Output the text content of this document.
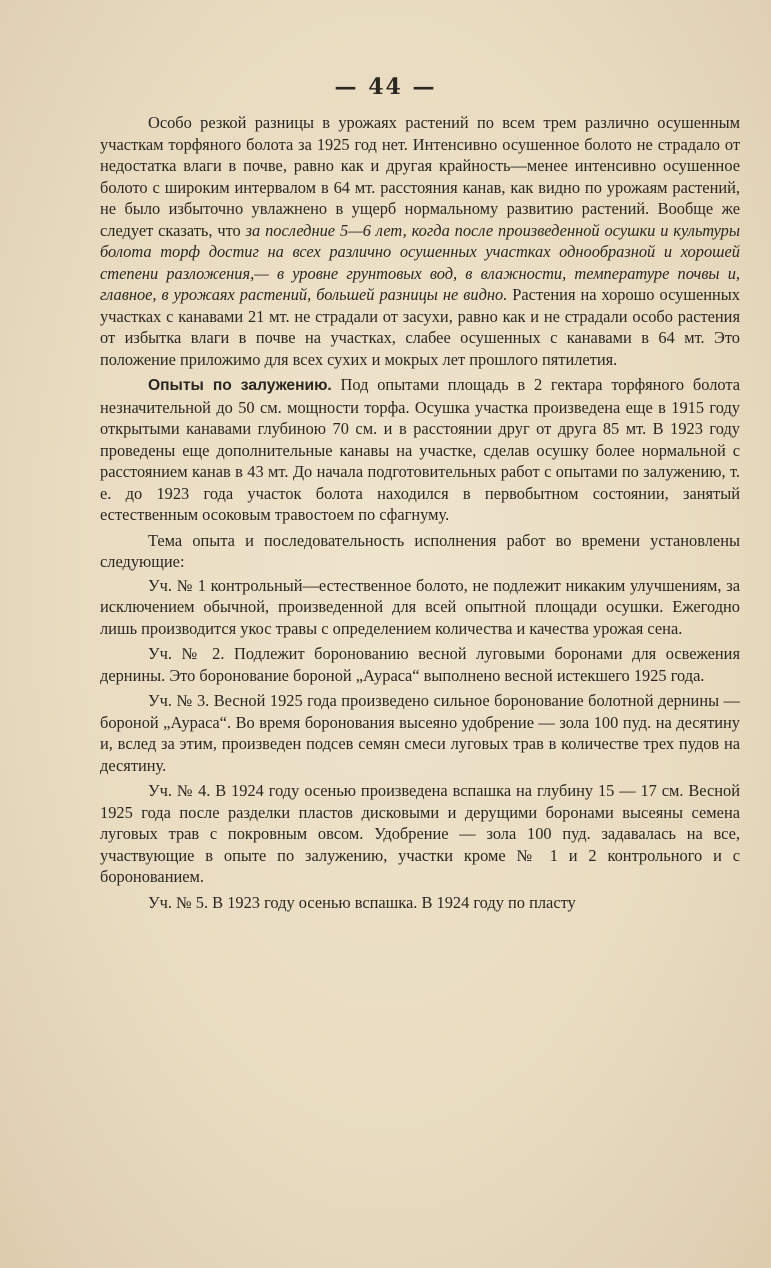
— 44 —

Особо резкой разницы в урожаях растений по всем трем различно осушенным участкам торфяного болота за 1925 год нет. Интенсивно осушенное болото не страдало от недостатка влаги в почве, равно как и другая крайность—менее интенсивно осушенное болото с широким интервалом в 64 мт. расстояния канав, как видно по урожаям растений, не было избыточно увлажнено в ущерб нормальному развитию растений. Вообще же следует сказать, что за последние 5—6 лет, когда после произведенной осушки и культуры болота торф достиг на всех различно осушенных участках однообразной и хорошей степени разложения,— в уровне грунтовых вод, в влажности, температуре почвы и, главное, в урожаях растений, большей разницы не видно. Растения на хорошо осушенных участках с канавами 21 мт. не страдали от засухи, равно как и не страдали особо растения от избытка влаги в почве на участках, слабее осушенных с канавами в 64 мт. Это положение приложимо для всех сухих и мокрых лет прошлого пятилетия.

Опыты по залужению. Под опытами площадь в 2 гектара торфяного болота незначительной до 50 см. мощности торфа. Осушка участка произведена еще в 1915 году открытыми канавами глубиною 70 см. и в расстоянии друг от друга 85 мт. В 1923 году проведены еще дополнительные канавы на участке, сделав осушку более нормальной с расстоянием канав в 43 мт. До начала подготовительных работ с опытами по залужению, т. е. до 1923 года участок болота находился в первобытном состоянии, занятый естественным осоковым травостоем по сфагнуму.

Тема опыта и последовательность исполнения работ во времени установлены следующие:

Уч. № 1 контрольный—естественное болото, не подлежит никаким улучшениям, за исключением обычной, произведенной для всей опытной площади осушки. Ежегодно лишь производится укос травы с определением количества и качества урожая сена.

Уч. № 2. Подлежит боронованию весной луговыми боронами для освежения дернины. Это боронование бороной „Ауpaca“ выполнено весной истекшего 1925 года.

Уч. № 3. Весной 1925 года произведено сильное боронование болотной дернины — бороной „Ауpaca“. Во время боронования высеяно удобрение — зола 100 пуд. на десятину и, вслед за этим, произведен подсев семян смеси луговых трав в количестве трех пудов на десятину.

Уч. № 4. В 1924 году осенью произведена вспашка на глубину 15 — 17 см. Весной 1925 года после разделки пластов дисковыми и дерущими боронами высеяны семена луговых трав с покровным овсом. Удобрение — зола 100 пуд. задавалась на все, участвующие в опыте по залужению, участки кроме № 1 и 2 контрольного и с боронованием.

Уч. № 5. В 1923 году осенью вспашка. В 1924 году по пласту
